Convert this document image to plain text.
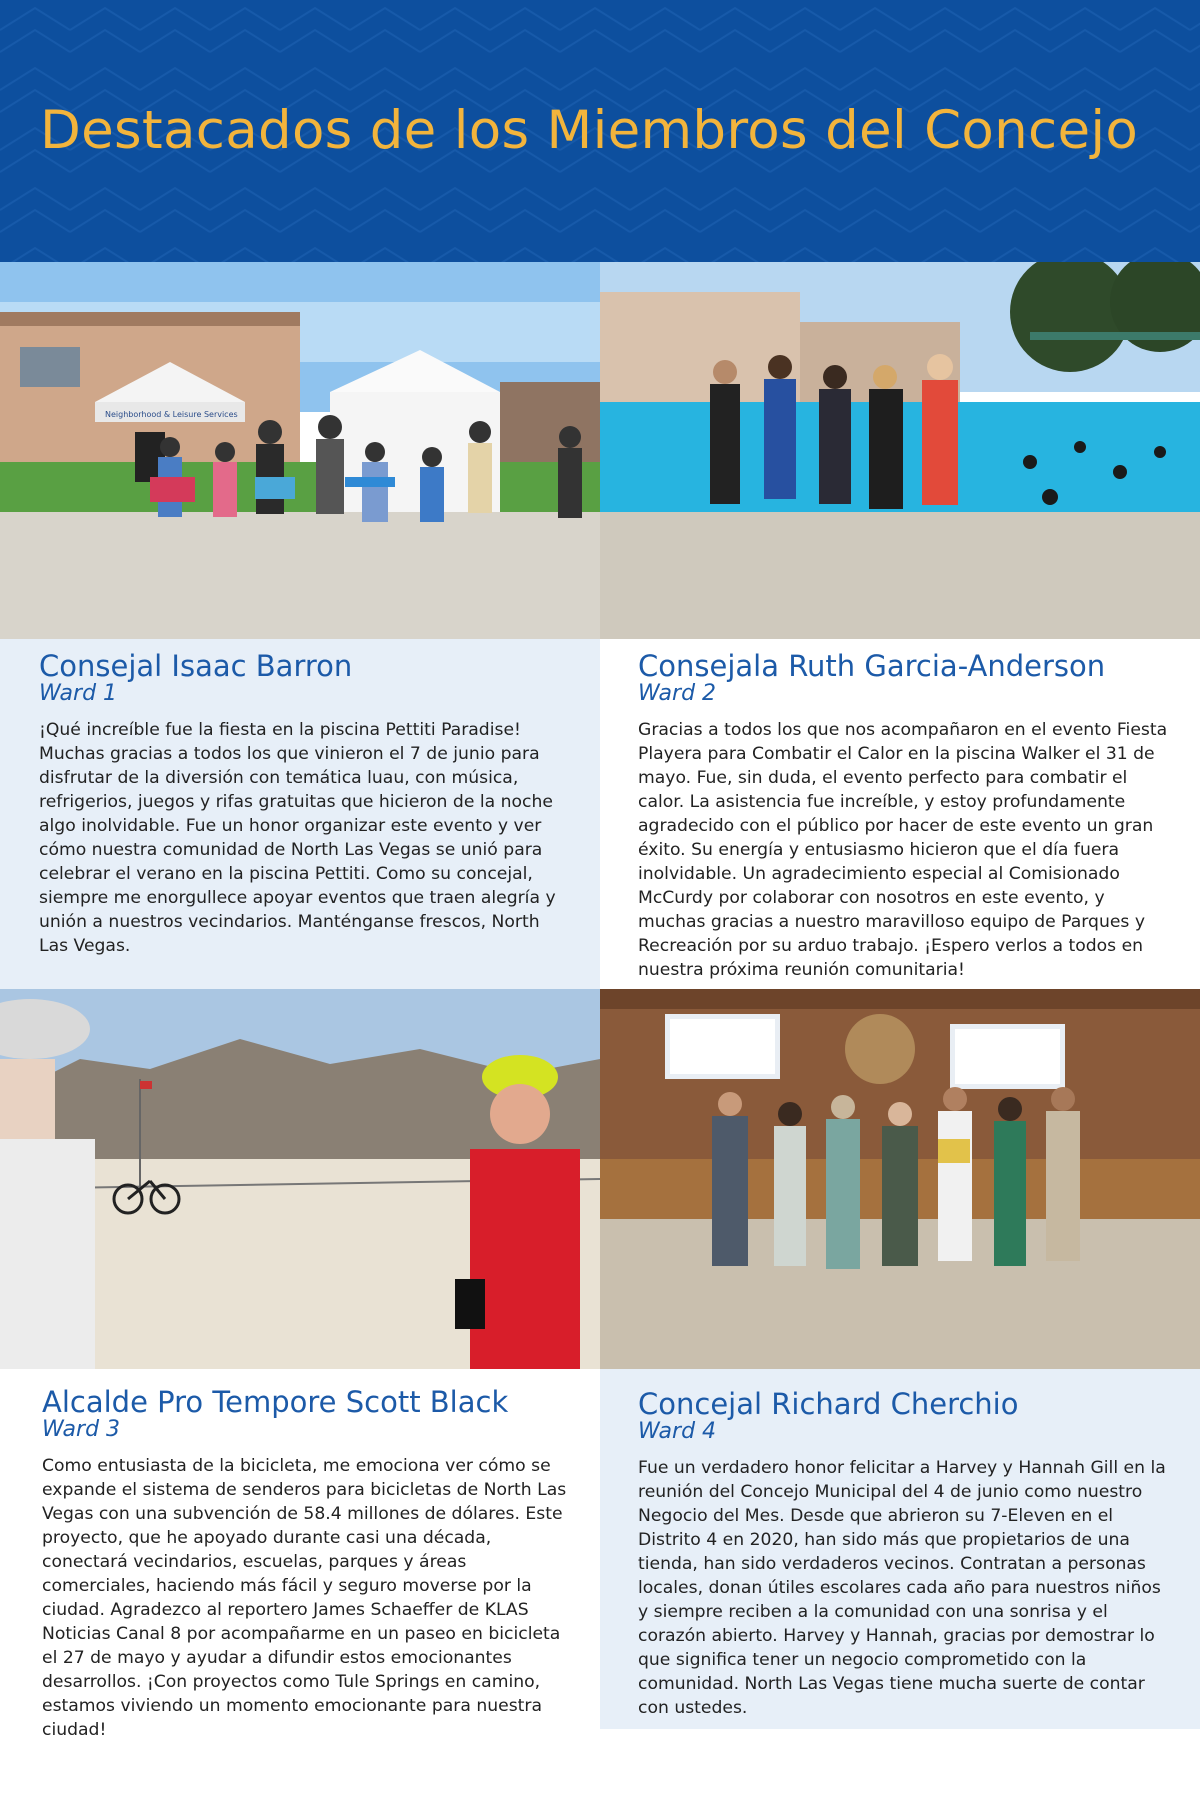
Destacados de los Miembros del Concejo
Neighborhood & Leisure Services
Consejal Isaac Barron
Ward 1

¡Qué increíble fue la fiesta en la piscina Pettiti Paradise! Muchas gracias a todos los que vinieron el 7 de junio para disfrutar de la diversión con temática luau, con música, refrigerios, juegos y rifas gratuitas que hicieron de la noche algo inolvidable. Fue un honor organizar este evento y ver cómo nuestra comunidad de North Las Vegas se unió para celebrar el verano en la piscina Pettiti. Como su concejal, siempre me enorgullece apoyar eventos que traen alegría y unión a nuestros vecindarios. Manténganse frescos, North Las Vegas.

Consejala Ruth Garcia-Anderson
Ward 2

Gracias a todos los que nos acompañaron en el evento Fiesta Playera para Combatir el Calor en la piscina Walker el 31 de mayo. Fue, sin duda, el evento perfecto para combatir el calor. La asistencia fue increíble, y estoy profundamente agradecido con el público por hacer de este evento un gran éxito. Su energía y entusiasmo hicieron que el día fuera inolvidable. Un agradecimiento especial al Comisionado McCurdy por colaborar con nosotros en este evento, y muchas gracias a nuestro maravilloso equipo de Parques y Recreación por su arduo trabajo. ¡Espero verlos a todos en nuestra próxima reunión comunitaria!

Alcalde Pro Tempore Scott Black
Ward 3

Como entusiasta de la bicicleta, me emociona ver cómo se expande el sistema de senderos para bicicletas de North Las Vegas con una subvención de 58.4 millones de dólares. Este proyecto, que he apoyado durante casi una década, conectará vecindarios, escuelas, parques y áreas comerciales, haciendo más fácil y seguro moverse por la ciudad. Agradezco al reportero James Schaeffer de KLAS Noticias Canal 8 por acompañarme en un paseo en bicicleta el 27 de mayo y ayudar a difundir estos emocionantes desarrollos. ¡Con proyectos como Tule Springs en camino, estamos viviendo un momento emocionante para nuestra ciudad!

Concejal Richard Cherchio
Ward 4

Fue un verdadero honor felicitar a Harvey y Hannah Gill en la reunión del Concejo Municipal del 4 de junio como nuestro Negocio del Mes. Desde que abrieron su 7-Eleven en el Distrito 4 en 2020, han sido más que propietarios de una tienda, han sido verdaderos vecinos. Contratan a personas locales, donan útiles escolares cada año para nuestros niños y siempre reciben a la comunidad con una sonrisa y el corazón abierto. Harvey y Hannah, gracias por demostrar lo que significa tener un negocio comprometido con la comunidad. North Las Vegas tiene mucha suerte de contar con ustedes.
